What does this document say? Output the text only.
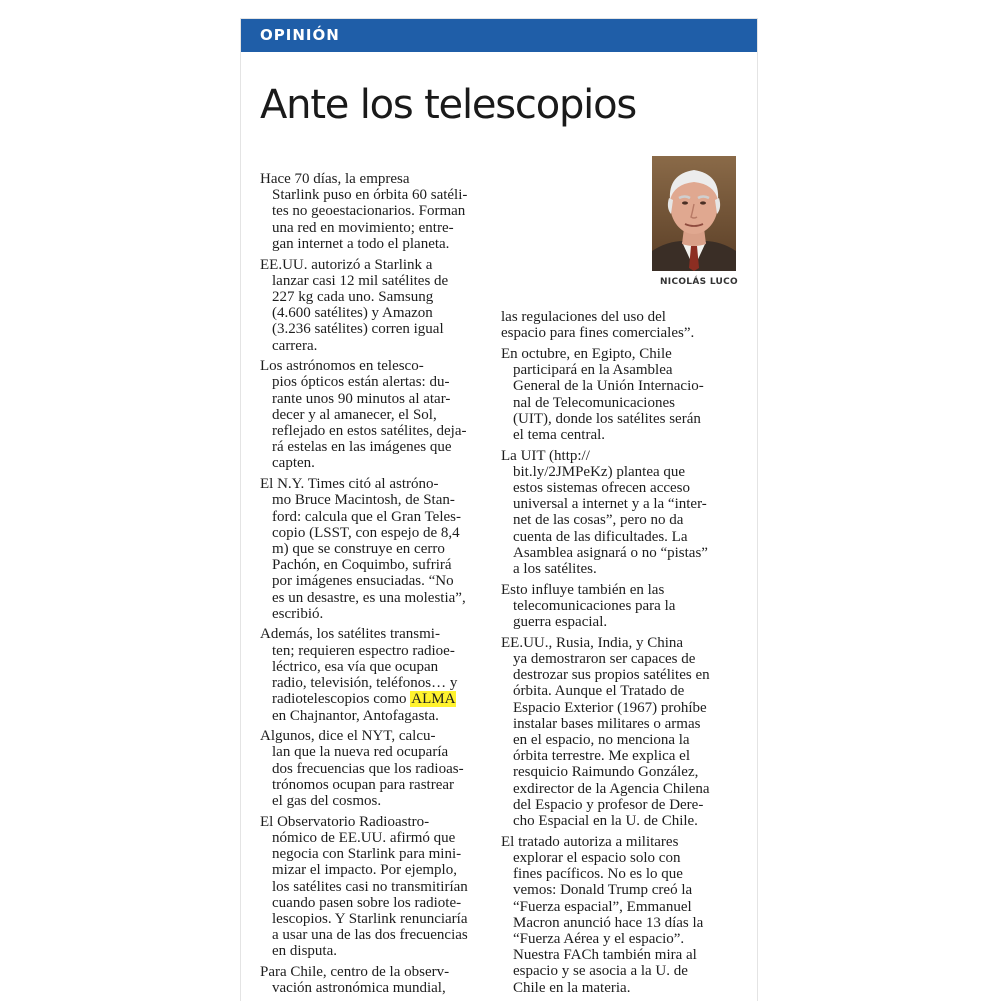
OPINIÓN
Ante los telescopios

Hace 70 días, la empresa
Starlink puso en órbita 60 satéli-
tes no geoestacionarios. Forman
una red en movimiento; entre-
gan internet a todo el planeta.

EE.UU. autorizó a Starlink a
lanzar casi 12 mil satélites de
227 kg cada uno. Samsung
(4.600 satélites) y Amazon
(3.236 satélites) corren igual
carrera.

Los astrónomos en telesco-
pios ópticos están alertas: du-
rante unos 90 minutos al atar-
decer y al amanecer, el Sol,
reflejado en estos satélites, deja-
rá estelas en las imágenes que
capten.

El N.Y. Times citó al astróno-
mo Bruce Macintosh, de Stan-
ford: calcula que el Gran Teles-
copio (LSST, con espejo de 8,4
m) que se construye en cerro
Pachón, en Coquimbo, sufrirá
por imágenes ensuciadas. “No
es un desastre, es una molestia”,
escribió.

Además, los satélites transmi-
ten; requieren espectro radioe-
léctrico, esa vía que ocupan
radio, televisión, teléfonos… y
radiotelescopios como ALMA
en Chajnantor, Antofagasta.

Algunos, dice el NYT, calcu-
lan que la nueva red ocuparía
dos frecuencias que los radioas-
trónomos ocupan para rastrear
el gas del cosmos.

El Observatorio Radioastro-
nómico de EE.UU. afirmó que
negocia con Starlink para mini-
mizar el impacto. Por ejemplo,
los satélites casi no transmitirían
cuando pasen sobre los radiote-
lescopios. Y Starlink renunciaría
a usar una de las dos frecuencias
en disputa.

Para Chile, centro de la observ-
vación astronómica mundial,

NICOLÁS LUCO

las regulaciones del uso del
espacio para fines comerciales”.

En octubre, en Egipto, Chile
participará en la Asamblea
General de la Unión Internacio-
nal de Telecomunicaciones
(UIT), donde los satélites serán
el tema central.

La UIT (http://
bit.ly/2JMPeKz) plantea que
estos sistemas ofrecen acceso
universal a internet y a la “inter-
net de las cosas”, pero no da
cuenta de las dificultades. La
Asamblea asignará o no “pistas”
a los satélites.

Esto influye también en las
telecomunicaciones para la
guerra espacial.

EE.UU., Rusia, India, y China
ya demostraron ser capaces de
destrozar sus propios satélites en
órbita. Aunque el Tratado de
Espacio Exterior (1967) prohíbe
instalar bases militares o armas
en el espacio, no menciona la
órbita terrestre. Me explica el
resquicio Raimundo González,
exdirector de la Agencia Chilena
del Espacio y profesor de Dere-
cho Espacial en la U. de Chile.

El tratado autoriza a militares
explorar el espacio solo con
fines pacíficos. No es lo que
vemos: Donald Trump creó la
“Fuerza espacial”, Emmanuel
Macron anunció hace 13 días la
“Fuerza Aérea y el espacio”.
Nuestra FACh también mira al
espacio y se asocia a la U. de
Chile en la materia.
